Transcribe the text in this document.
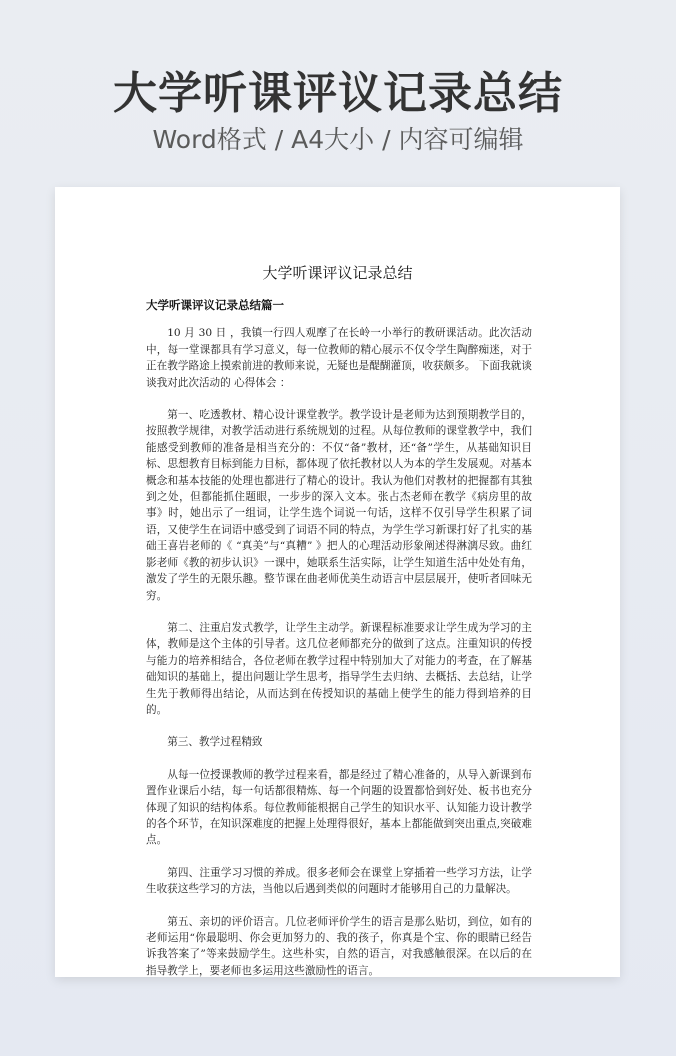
大学听课评议记录总结
Word格式 / A4大小 / 内容可编辑
大学听课评议记录总结
大学听课评议记录总结篇一

10 月 30 日 ，我镇一行四人观摩了在长岭一小举行的教研课活动。此次活动中，每一堂课都具有学习意义，每一位教师的精心展示不仅令学生陶醉痴迷，对于正在教学路途上摸索前进的教师来说，无疑也是醍醐灌顶，收获颇多。 下面我就谈谈我对此次活动的 心得体会 ：

第一、吃透教材、精心设计课堂教学。教学设计是老师为达到预期教学目的，按照教学规律，对教学活动进行系统规划的过程。从每位教师的课堂教学中，我们能感受到教师的准备是相当充分的：不仅“备”教材，还“备”学生，从基础知识目标、思想教育目标到能力目标，都体现了依托教材以人为本的学生发展观。对基本概念和基本技能的处理也都进行了精心的设计。我认为他们对教材的把握都有其独到之处，但都能抓住题眼，一步步的深入文本。张占杰老师在教学《病房里的故事》时，她出示了一组词，让学生选个词说一句话，这样不仅引导学生积累了词语，又使学生在词语中感受到了词语不同的特点，为学生学习新课打好了扎实的基础王喜岩老师的《 “真美”与“真糟” 》把人的心理活动形象阐述得淋漓尽致。曲红影老师《教的初步认识》一课中，她联系生活实际，让学生知道生活中处处有角，激发了学生的无限乐趣。整节课在曲老师优美生动语言中层层展开，使听者回味无穷。

第二、注重启发式教学，让学生主动学。新课程标准要求让学生成为学习的主体，教师是这个主体的引导者。这几位老师都充分的做到了这点。注重知识的传授与能力的培养相结合，各位老师在教学过程中特别加大了对能力的考查，在了解基础知识的基础上，提出问题让学生思考，指导学生去归纳、去概括、去总结，让学生先于教师得出结论，从而达到在传授知识的基础上使学生的能力得到培养的目的。

第三、教学过程精致

从每一位授课教师的教学过程来看，都是经过了精心准备的，从导入新课到布置作业课后小结，每一句话都很精炼、每一个问题的设置都恰到好处、板书也充分体现了知识的结构体系。每位教师能根据自己学生的知识水平、认知能力设计教学的各个环节，在知识深难度的把握上处理得很好，基本上都能做到突出重点,突破难点。

第四、注重学习习惯的养成。很多老师会在课堂上穿插着一些学习方法，让学生收获这些学习的方法，当他以后遇到类似的问题时才能够用自己的力量解决。

第五、亲切的评价语言。几位老师评价学生的语言是那么贴切，到位，如有的老师运用“你最聪明、你会更加努力的、我的孩子，你真是个宝、你的眼睛已经告诉我答案了”等来鼓励学生。这些朴实，自然的语言，对我感触很深。在以后的在指导教学上，要老师也多运用这些激励性的语言。
